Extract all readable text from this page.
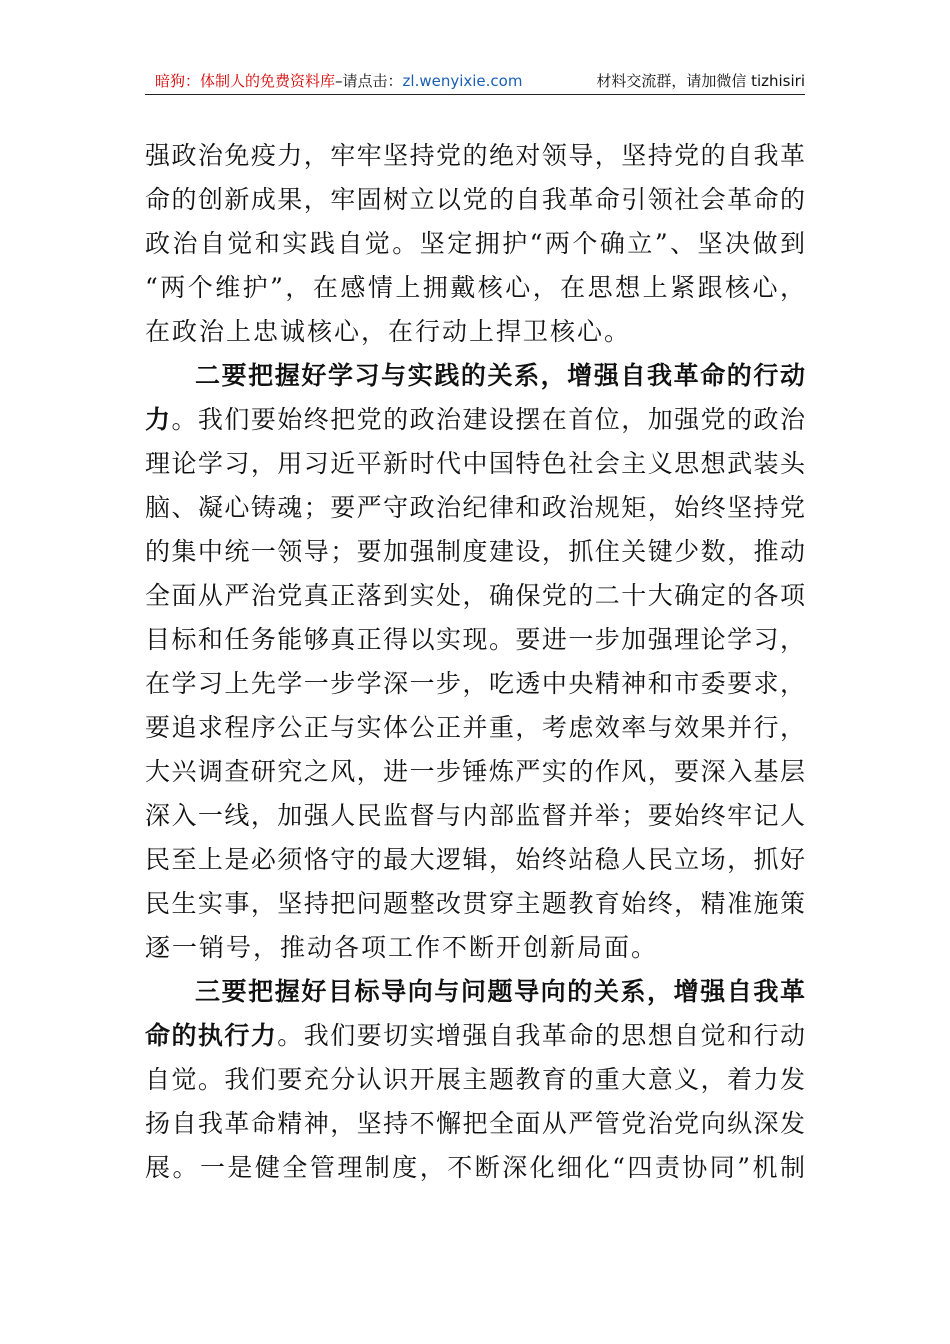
暗狗：体制人的免费资料库–请点击：zl.wenyixie.com	材料交流群，请加微信 tizhisiri
强政治免疫力，牢牢坚持党的绝对领导，坚持党的自我革
命的创新成果，牢固树立以党的自我革命引领社会革命的
政治自觉和实践自觉。坚定拥护“两个确立”、坚决做到
“两个维护”，在感情上拥戴核心，在思想上紧跟核心，
在政治上忠诚核心，在行动上捍卫核心。
二要把握好学习与实践的关系，增强自我革命的行动
力。我们要始终把党的政治建设摆在首位，加强党的政治
理论学习，用习近平新时代中国特色社会主义思想武装头
脑、凝心铸魂；要严守政治纪律和政治规矩，始终坚持党
的集中统一领导；要加强制度建设，抓住关键少数，推动
全面从严治党真正落到实处，确保党的二十大确定的各项
目标和任务能够真正得以实现。要进一步加强理论学习，
在学习上先学一步学深一步，吃透中央精神和市委要求，
要追求程序公正与实体公正并重，考虑效率与效果并行，
大兴调查研究之风，进一步锤炼严实的作风，要深入基层
深入一线，加强人民监督与内部监督并举；要始终牢记人
民至上是必须恪守的最大逻辑，始终站稳人民立场，抓好
民生实事，坚持把问题整改贯穿主题教育始终，精准施策
逐一销号，推动各项工作不断开创新局面。
三要把握好目标导向与问题导向的关系，增强自我革
命的执行力。我们要切实增强自我革命的思想自觉和行动
自觉。我们要充分认识开展主题教育的重大意义，着力发
扬自我革命精神，坚持不懈把全面从严管党治党向纵深发
展。一是健全管理制度，不断深化细化“四责协同”机制
